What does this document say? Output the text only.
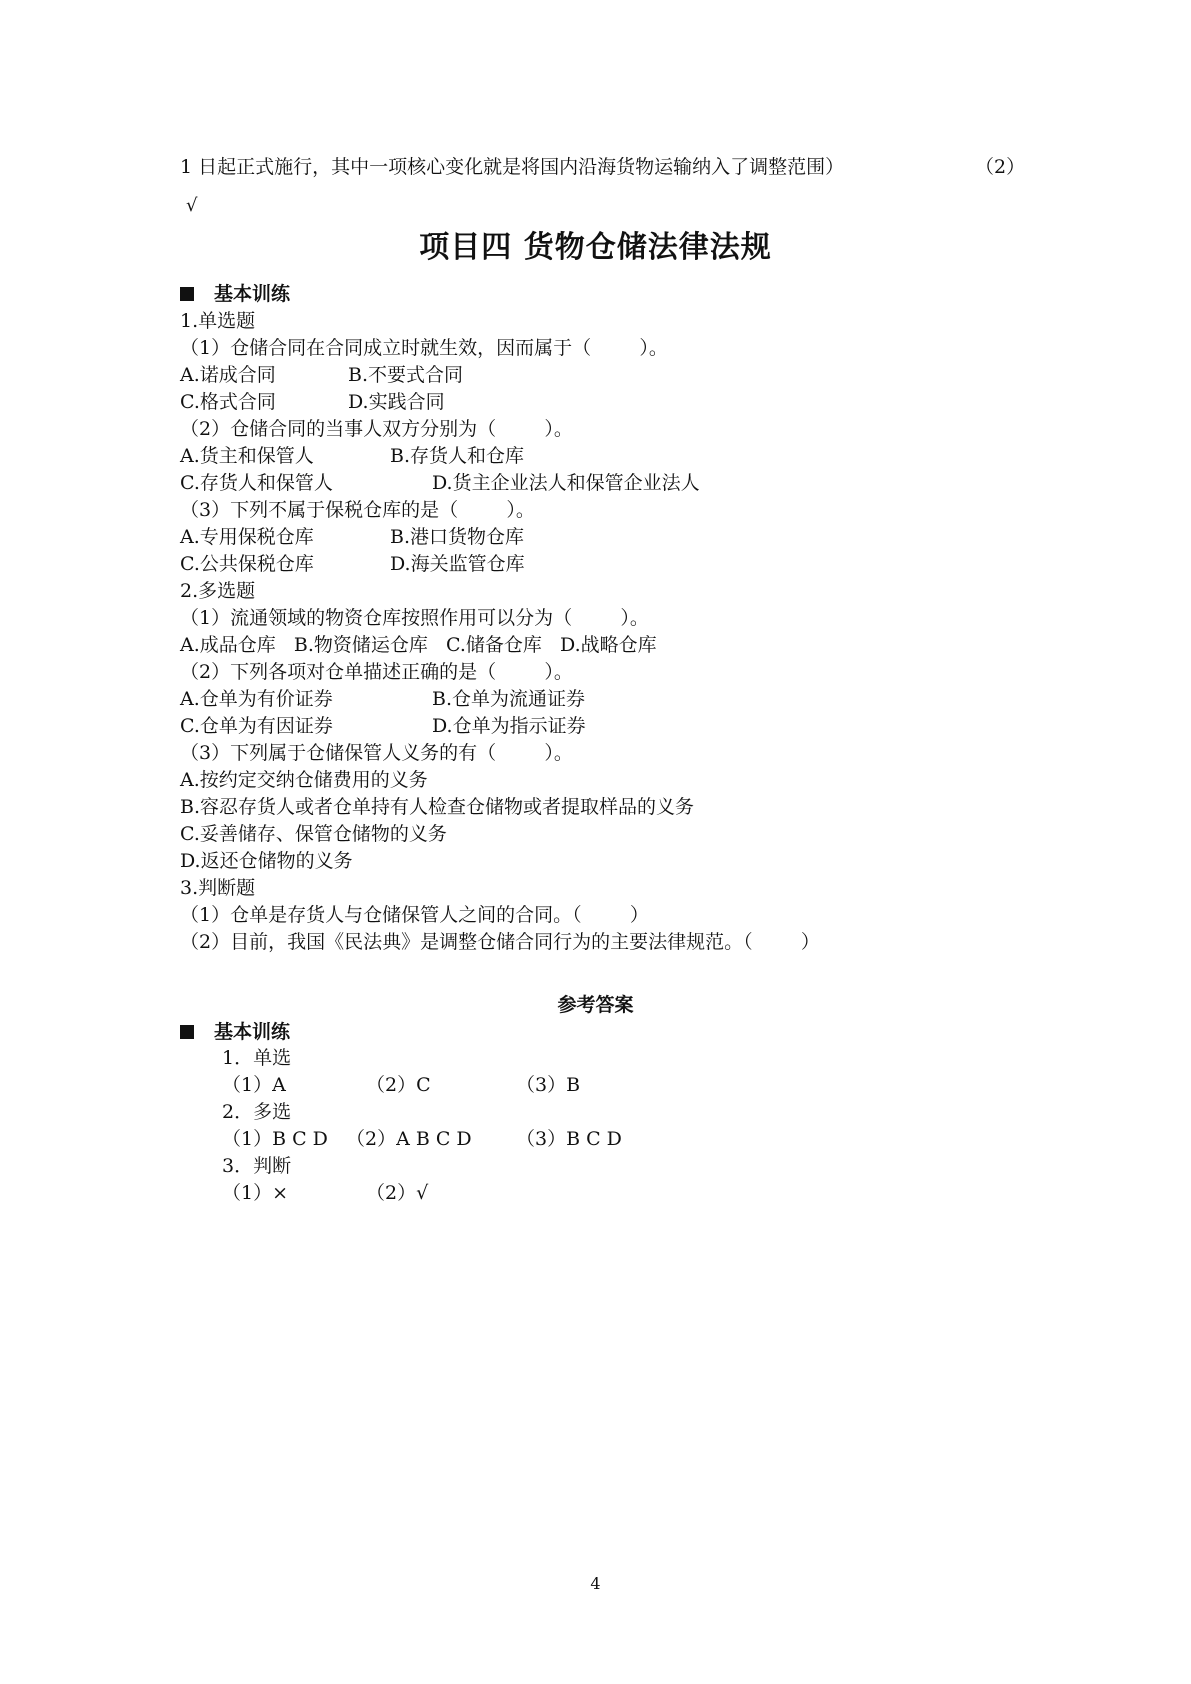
1 日起正式施行，其中一项核心变化就是将国内沿海货物运输纳入了调整范围）	（2）
√
项目四 货物仓储法律法规
基本训练
1.单选题
（1）仓储合同在合同成立时就生效，因而属于（        ）。
A.诺成合同	B.不要式合同
C.格式合同	D.实践合同
（2）仓储合同的当事人双方分别为（        ）。
A.货主和保管人	B.存货人和仓库
C.存货人和保管人	D.货主企业法人和保管企业法人
（3）下列不属于保税仓库的是（        ）。
A.专用保税仓库	B.港口货物仓库
C.公共保税仓库	D.海关监管仓库
2.多选题
（1）流通领域的物资仓库按照作用可以分为（        ）。
A.成品仓库   B.物资储运仓库   C.储备仓库   D.战略仓库
（2）下列各项对仓单描述正确的是（        ）。
A.仓单为有价证券	B.仓单为流通证券
C.仓单为有因证券	D.仓单为指示证券
（3）下列属于仓储保管人义务的有（        ）。
A.按约定交纳仓储费用的义务
B.容忍存货人或者仓单持有人检查仓储物或者提取样品的义务
C.妥善储存、保管仓储物的义务
D.返还仓储物的义务
3.判断题
（1）仓单是存货人与仓储保管人之间的合同。（        ）
（2）目前，我国《民法典》是调整仓储合同行为的主要法律规范。（        ）
参考答案
基本训练
1．单选
（1）A	（2）C	（3）B
2．多选
（1）B C D （2）A B C D （3）B C D
3．判断
（1）×	（2）√
4
